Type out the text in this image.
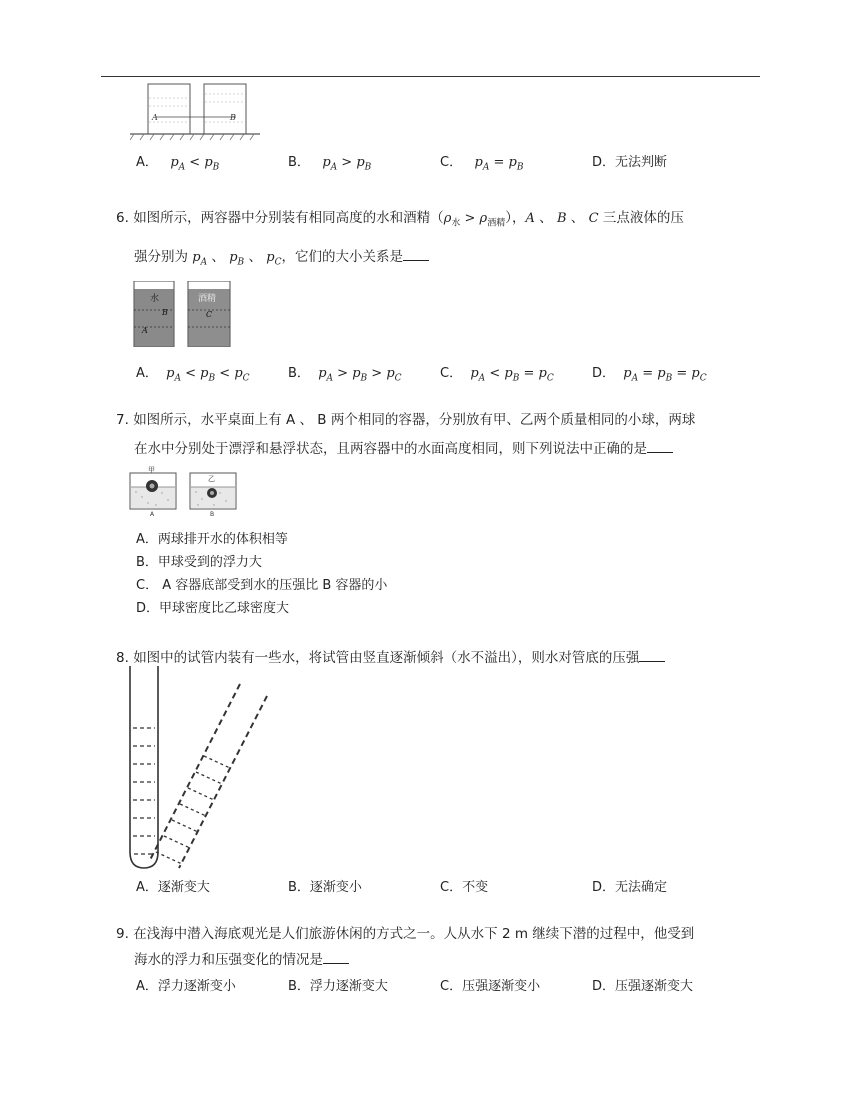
A	B
A． $p_A < p_B$	B． $p_A > p_B$	C． $p_A = p_B$	D．无法判断
6. 如图所示，两容器中分别装有相同高度的水和酒精$(\rho_水 > \rho_{酒精})$，A 、 B 、 C 三点液体的压
强分别为 $p_A$ 、 $p_B$ 、 $p_C$，它们的大小关系是
水	酒精
B	C
A
A． $p_A < p_B < p_C$	B． $p_A > p_B > p_C$	C． $p_A < p_B = p_C$	D． $p_A = p_B = p_C$
7. 如图所示，水平桌面上有 A 、 B 两个相同的容器，分别放有甲、乙两个质量相同的小球，两球
在水中分别处于漂浮和悬浮状态，且两容器中的水面高度相同，则下列说法中正确的是
甲
乙
A	B
A．两球排开水的体积相等
B．甲球受到的浮力大
C． A 容器底部受到水的压强比 B 容器的小
D．甲球密度比乙球密度大
8. 如图中的试管内装有一些水，将试管由竖直逐渐倾斜（水不溢出），则水对管底的压强
A．逐渐变大	B．逐渐变小	C．不变	D．无法确定
9. 在浅海中潜入海底观光是人们旅游休闲的方式之一。人从水下 2 m 继续下潜的过程中，他受到
海水的浮力和压强变化的情况是
A．浮力逐渐变小	B．浮力逐渐变大	C．压强逐渐变小	D．压强逐渐变大
